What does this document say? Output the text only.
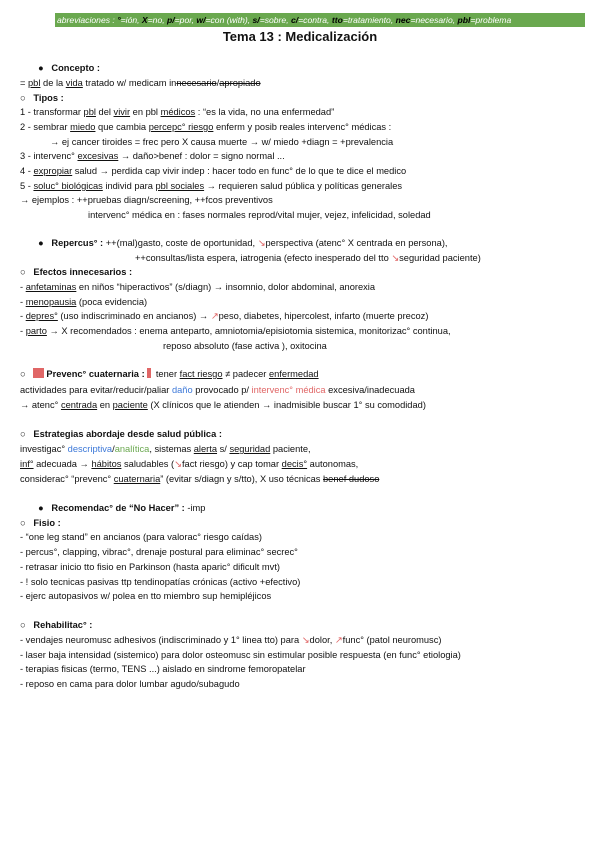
abreviaciones : °=ión, X=no, p/=por, w/=con (with), s/=sobre, c/=contra, tto=tratamiento, nec=necesario, pbl=problema
Tema 13 : Medicalización
● Concepto :
= pbl de la vida tratado w/ medicam innecesario/apropiado
○ Tipos :
1 - transformar pbl del vivir en pbl médicos : “es la vida, no una enfermedad”
2 - sembrar miedo que cambia percepc° riesgo enferm y posib reales intervenc° médicas :
→ ej cancer tiroides = frec pero X causa muerte → w/ miedo +diagn = +prevalencia
3 - intervenc° excesivas → daño>benef : dolor = signo normal ...
4 - expropiar salud → perdida cap vivir indep : hacer todo en func° de lo que te dice el medico
5 - soluc° biológicas individ para pbl sociales → requieren salud pública y políticas generales
→ ejemplos : ++pruebas diagn/screening, ++fcos preventivos
intervenc° médica en : fases normales reprod/vital mujer, vejez, infelicidad, soledad
● Repercus° : ++(mal)gasto, coste de oportunidad, ↘perspectiva (atenc° X centrada en persona),
++consultas/lista espera, iatrogenia (efecto inesperado del tto ↘seguridad paciente)
○ Efectos innecesarios :
- anfetaminas en niños “hiperactivos” (s/diagn) → insomnio, dolor abdominal, anorexia
- menopausia (poca evidencia)
- depres° (uso indiscriminado en ancianos) → ↗peso, diabetes, hipercolest, infarto (muerte precoz)
- parto → X recomendados : enema anteparto, amniotomia/episiotomia sistemica, monitorizac° continua,
reposo absoluto (fase activa ), oxitocina
○ Prevenc° cuaternaria :  tener fact riesgo ≠ padecer enfermedad
actividades para evitar/reducir/paliar daño provocado p/ intervenc° médica excesiva/inadecuada
→ atenc° centrada en paciente (X clínicos que le atienden → inadmisible buscar 1° su comodidad)
○ Estrategias abordaje desde salud pública :
investigac° descriptiva/analítica, sistemas alerta s/ seguridad paciente,
inf° adecuada → hábitos saludables (↘fact riesgo) y cap tomar decis° autonomas,
considerac° “prevenc° cuaternaria” (evitar s/diagn y s/tto), X uso técnicas benef dudoso
● Recomendac° de “No Hacer” : -imp
○ Fisio :
- “one leg stand” en ancianos (para valorac° riesgo caídas)
- percus°, clapping, vibrac°, drenaje postural para eliminac° secrec°
- retrasar inicio tto fisio en Parkinson (hasta aparic° dificult mvt)
- ! solo tecnicas pasivas ttp tendinopatías crónicas (activo +efectivo)
- ejerc autopasivos w/ polea en tto miembro sup hemipléjicos
○ Rehabilitac° :
- vendajes neuromusc adhesivos (indiscriminado y 1° linea tto) para ↘dolor, ↗func° (patol neuromusc)
- laser baja intensidad (sistemico) para dolor osteomusc sin estimular posible respuesta (en func° etiologia)
- terapias fisicas (termo, TENS ...) aislado en sindrome femoropatelar
- reposo en cama para dolor lumbar agudo/subagudo
